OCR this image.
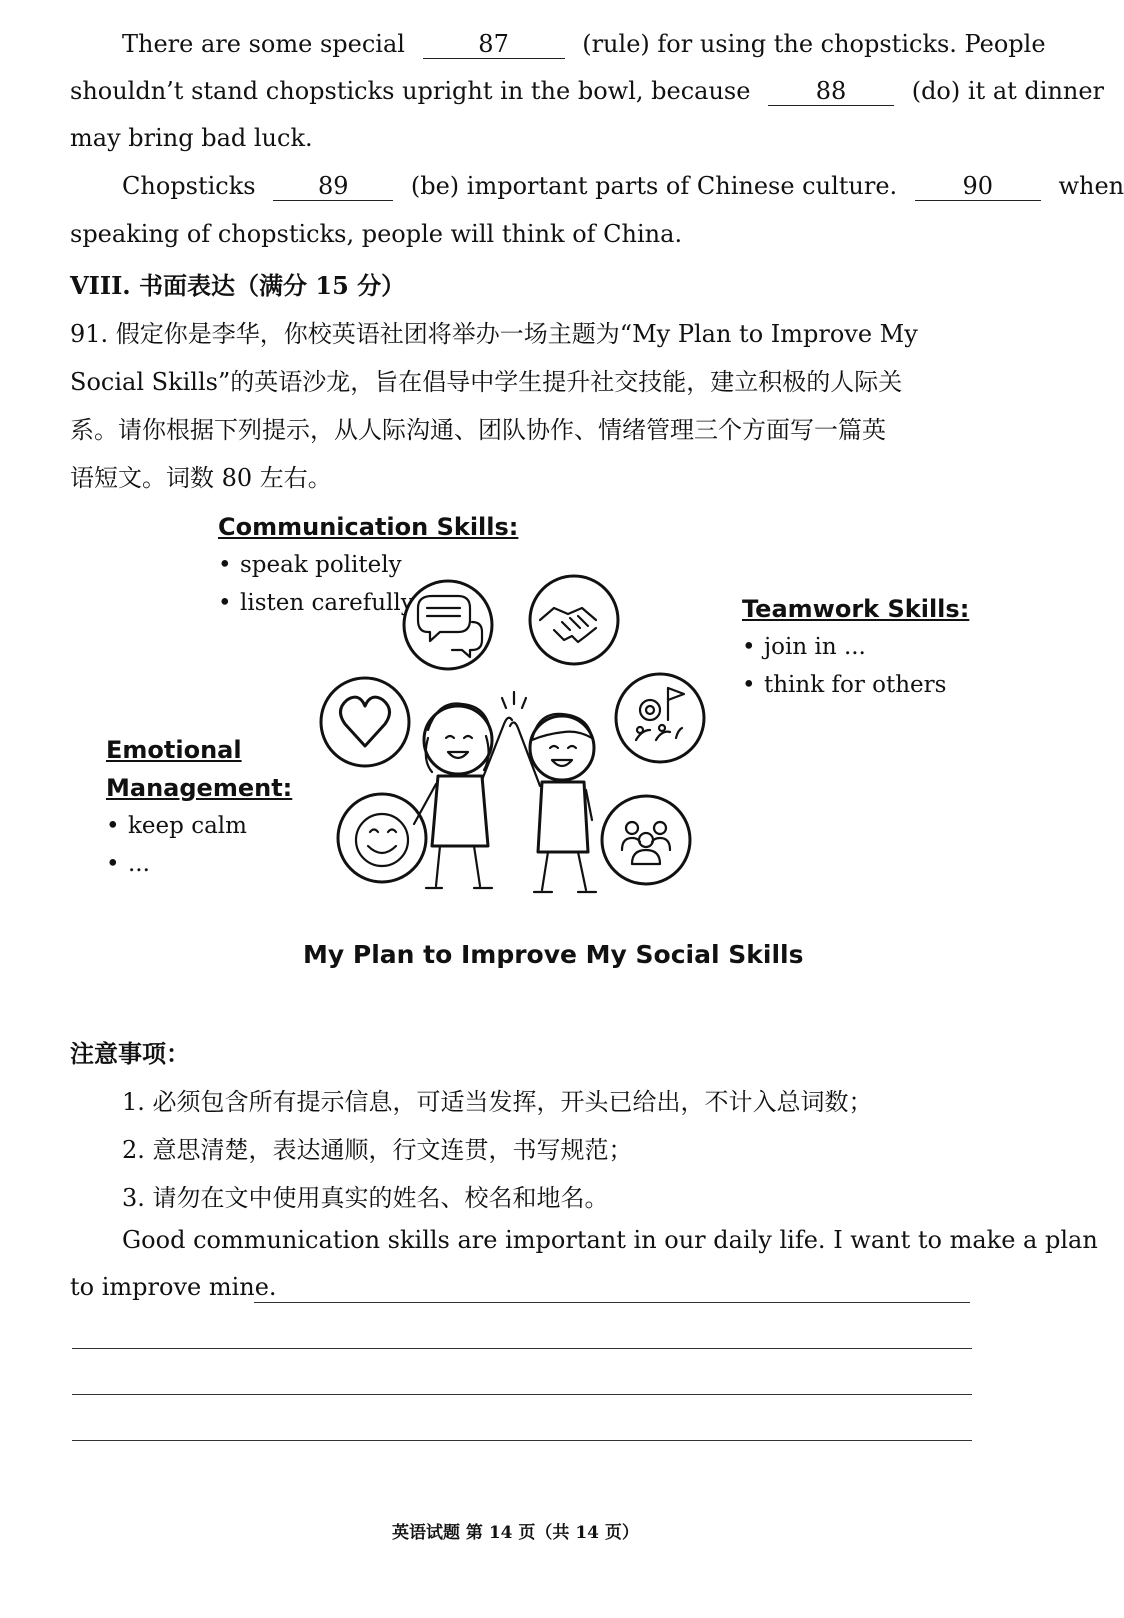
There are some special	87	(rule) for using the chopsticks. People
shouldn’t stand chopsticks upright in the bowl, because	88	(do) it at dinner
may bring bad luck.
Chopsticks	89	(be) important parts of Chinese culture.	90	when
speaking of chopsticks, people will think of China.
VIII. 书面表达（满分 15 分）
91. 假定你是李华，你校英语社团将举办一场主题为“My Plan to Improve My
Social Skills”的英语沙龙，旨在倡导中学生提升社交技能，建立积极的人际关
系。请你根据下列提示，从人际沟通、团队协作、情绪管理三个方面写一篇英
语短文。词数 80 左右。
Communication Skills:
• speak politely
• listen carefully	Teamwork Skills:
• join in ...
• think for others
Emotional
Management:
• keep calm
• ...
My Plan to Improve My Social Skills
注意事项：
1. 必须包含所有提示信息，可适当发挥，开头已给出，不计入总词数；
2. 意思清楚，表达通顺，行文连贯，书写规范；
3. 请勿在文中使用真实的姓名、校名和地名。
Good communication skills are important in our daily life. I want to make a plan
to improve mine.
英语试题 第 14 页（共 14 页）
